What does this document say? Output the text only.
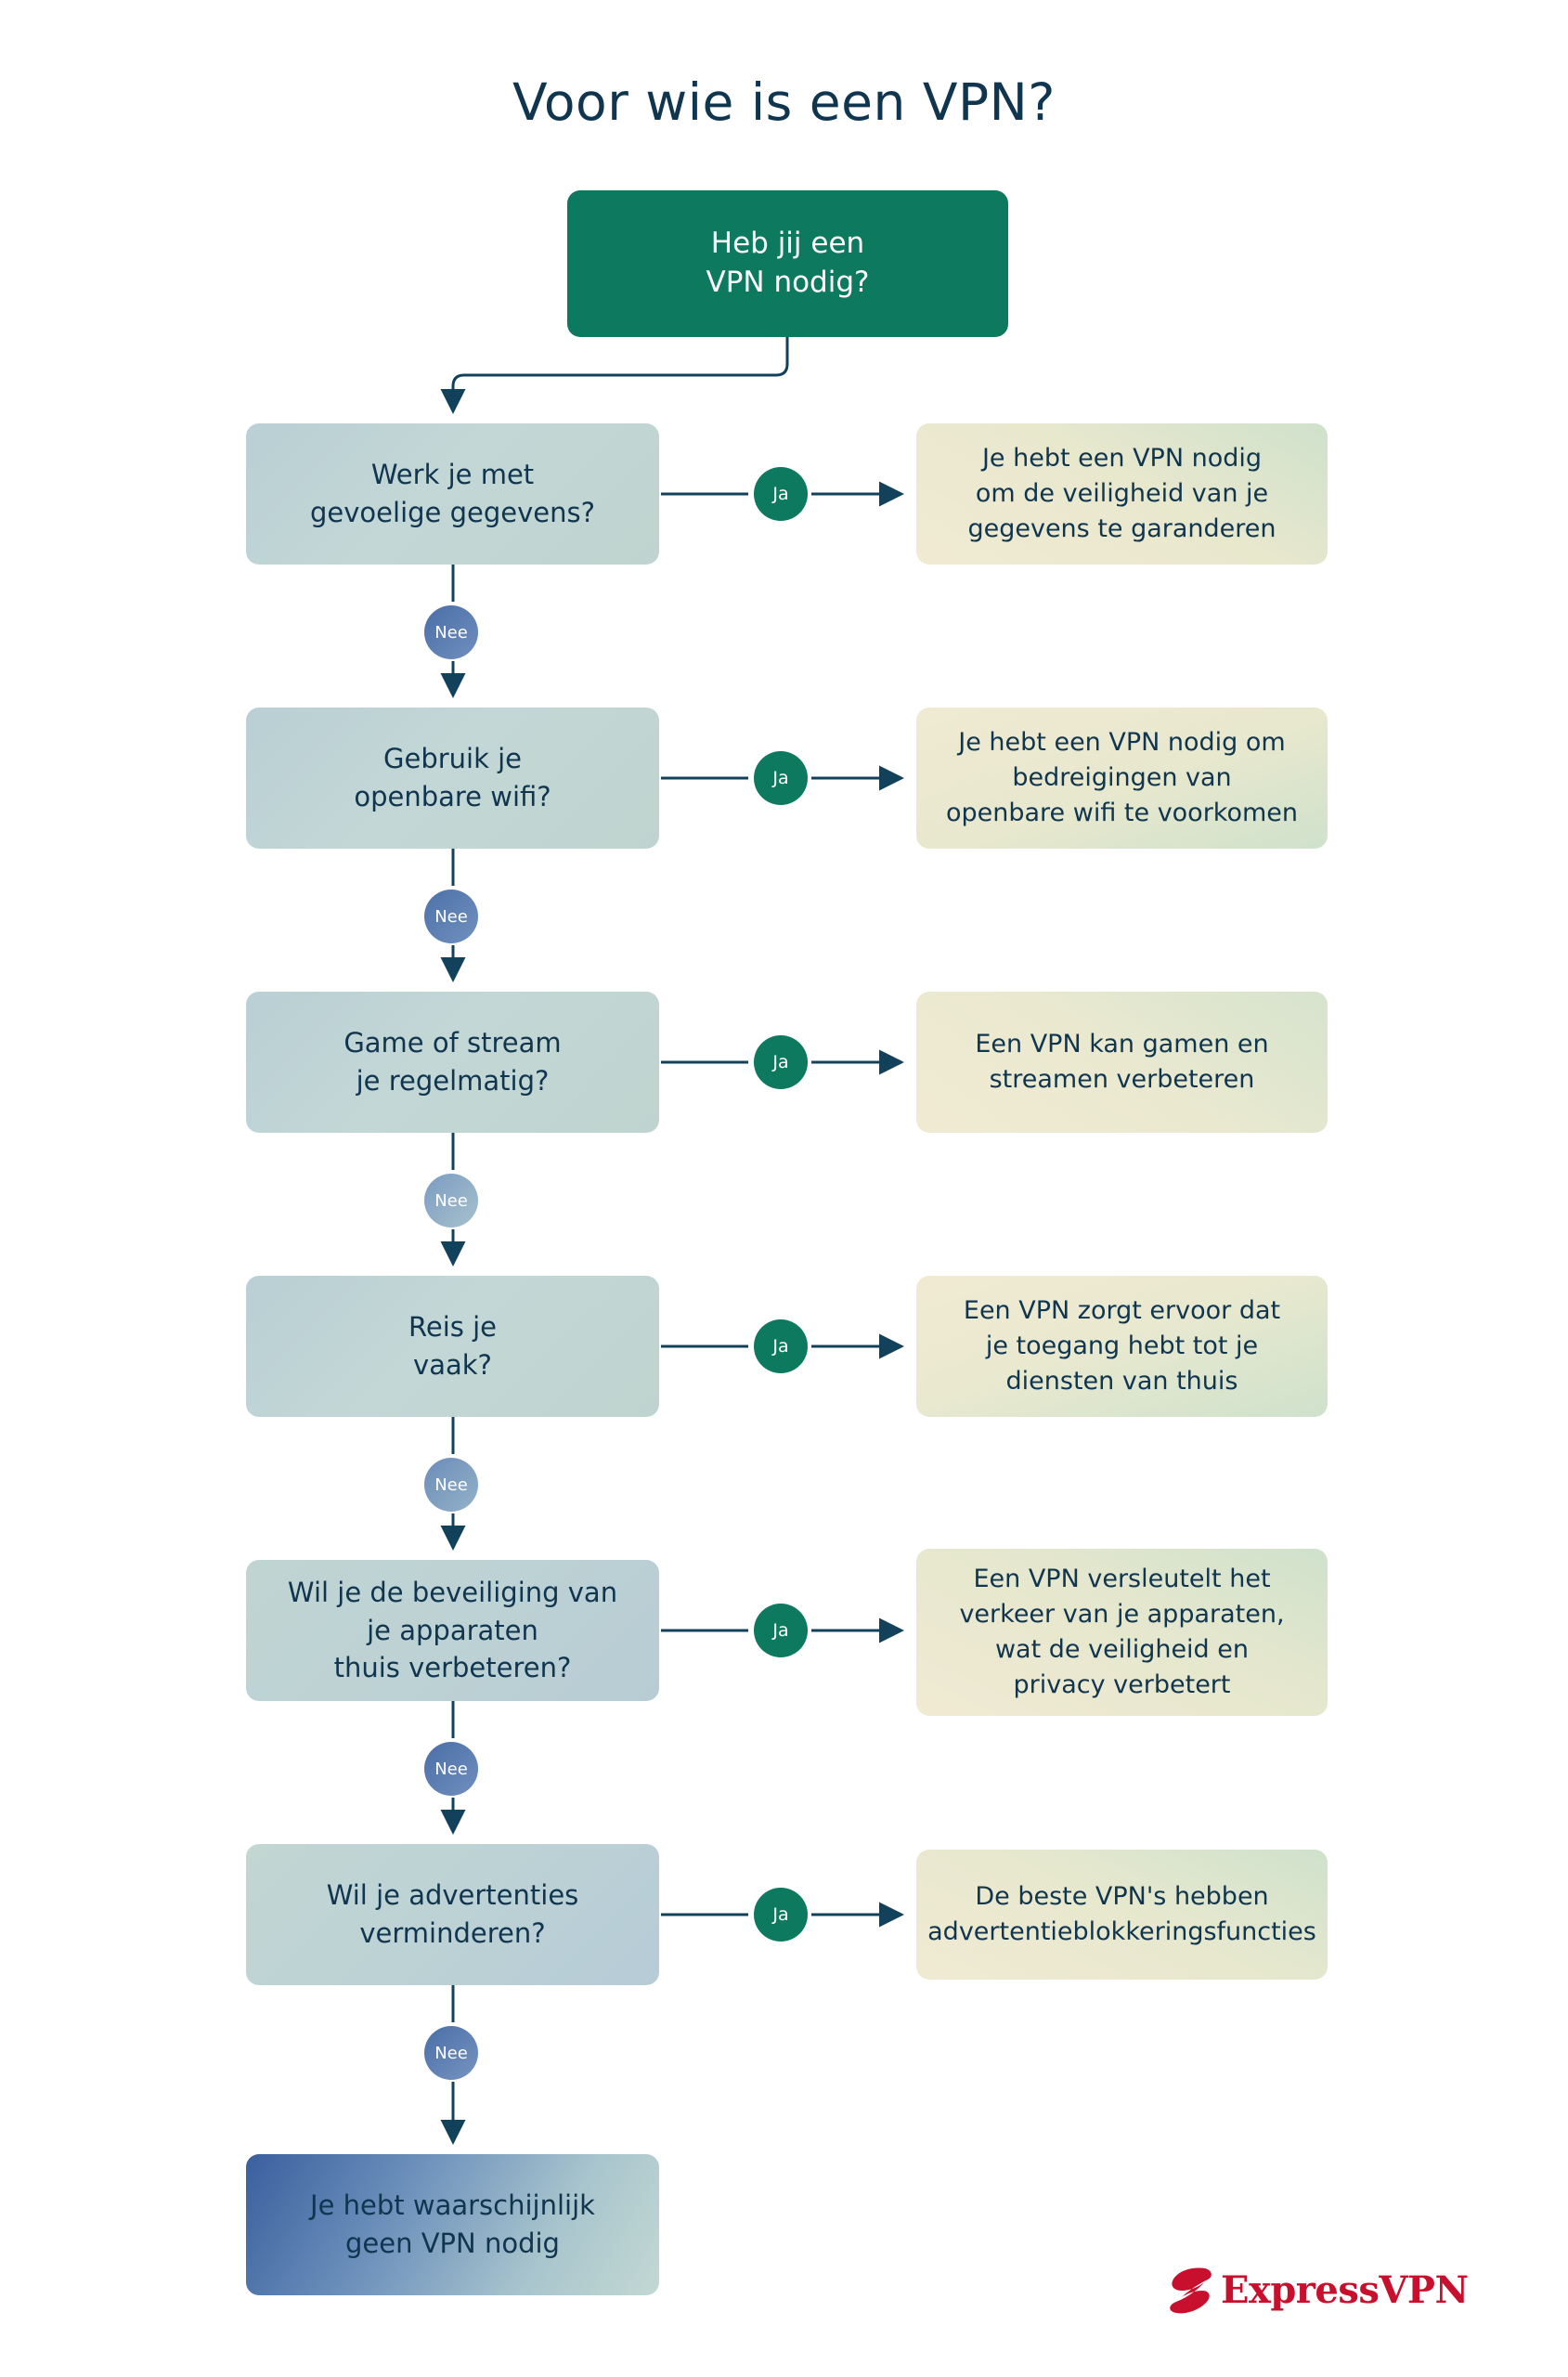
Voor wie is een VPN?
Heb jij een
VPN nodig?
Werk je met
gevoelige gegevens?
Ja
Je hebt een VPN nodig
om de veiligheid van je
gegevens te garanderen
Nee
Gebruik je
openbare wifi?
Ja
Je hebt een VPN nodig om
bedreigingen van
openbare wifi te voorkomen
Nee
Game of stream
je regelmatig?
Ja
Een VPN kan gamen en
streamen verbeteren
Nee
Reis je
vaak?
Ja
Een VPN zorgt ervoor dat
je toegang hebt tot je
diensten van thuis
Nee
Wil je de beveiliging van
je apparaten
thuis verbeteren?
Ja
Een VPN versleutelt het
verkeer van je apparaten,
wat de veiligheid en
privacy verbetert
Nee
Wil je advertenties
verminderen?
Ja
De beste VPN's hebben
advertentieblokkeringsfuncties
Nee
Je hebt waarschijnlijk
geen VPN nodig
ExpressVPN
